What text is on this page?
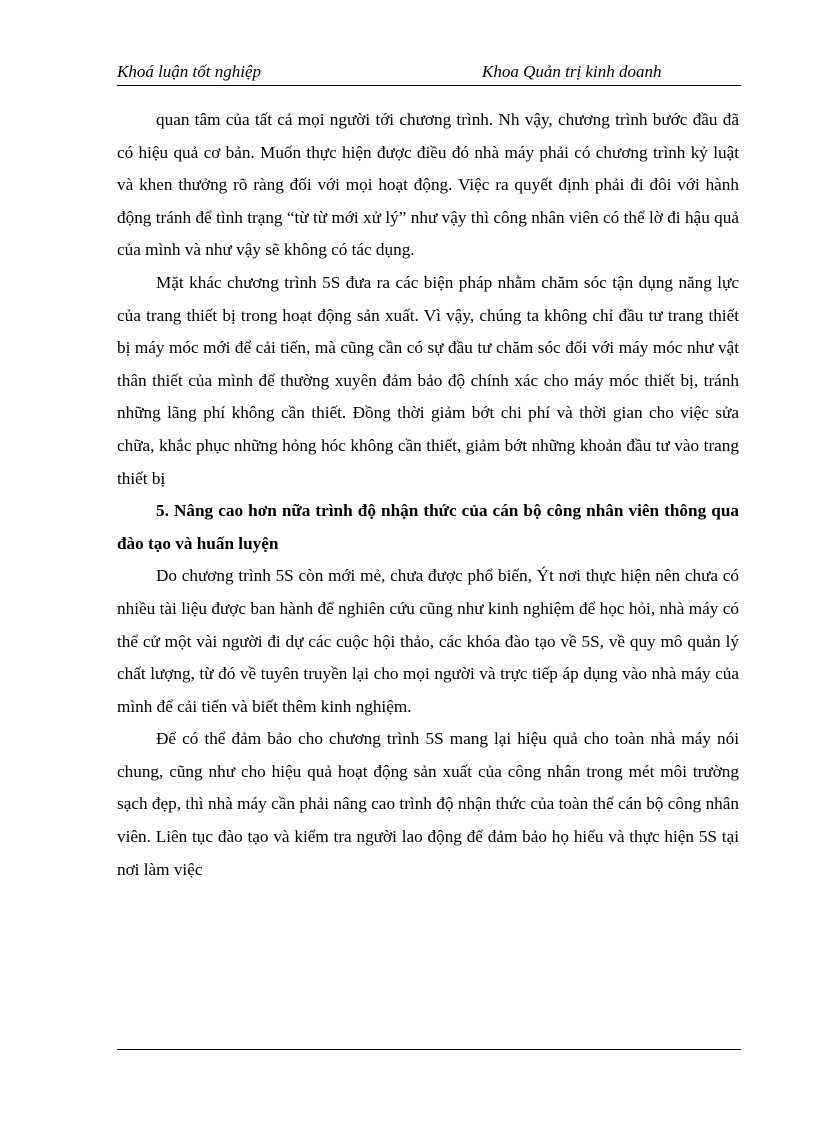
Khoá luận tốt nghiệp	Khoa Quản trị kinh doanh

quan tâm của tất cả mọi người tới chương trình. Nh vậy, chương trình bước đầu đã có hiệu quả cơ bản. Muốn thực hiện được điều đó nhà máy phải có chương trình kỷ luật và khen thưởng rõ ràng đối với mọi hoạt động. Việc ra quyết định phải đi đôi với hành động tránh để tình trạng “từ từ mới xử lý” như vậy thì công nhân viên có thể lờ đi hậu quả của mình và như vậy sẽ không có tác dụng.

Mặt khác chương trình 5S đưa ra các biện pháp nhằm chăm sóc tận dụng năng lực của trang thiết bị trong hoạt động sản xuất. Vì vậy, chúng ta không chỉ đầu tư trang thiết bị máy móc mới để cải tiến, mà cũng cần có sự đầu tư chăm sóc đối với máy móc như vật thân thiết của mình để thường xuyên đảm bảo độ chính xác cho máy móc thiết bị, tránh những lãng phí không cần thiết. Đồng thời giảm bớt chi phí và thời gian cho việc sửa chữa, khắc phục những hỏng hóc không cần thiết, giảm bớt những khoản đầu tư vào trang thiết bị

5. Nâng cao hơn nữa trình độ nhận thức của cán bộ công nhân viên thông qua đào tạo và huấn luyện

Do chương trình 5S còn mới mẻ, chưa được phổ biến, Ýt nơi thực hiện nên chưa có nhiều tài liệu được ban hành để nghiên cứu cũng như kinh nghiệm để học hỏi, nhà máy có thể cử một vài người đi dự các cuộc hội thảo, các khóa đào tạo về 5S, về quy mô quản lý chất lượng, từ đó về tuyên truyền lại cho mọi người và trực tiếp áp dụng vào nhà máy của mình để cải tiến và biết thêm kinh nghiệm.

Để có thể đảm bảo cho chương trình 5S mang lại hiệu quả cho toàn nhà máy nói chung, cũng như cho hiệu quả hoạt động sản xuất của công nhân trong mét môi trường sạch đẹp, thì nhà máy cần phải nâng cao trình độ nhận thức của toàn thể cán bộ công nhân viên. Liên tục đào tạo và kiểm tra người lao động để đảm bảo họ hiểu và thực hiện 5S tại nơi làm việc
